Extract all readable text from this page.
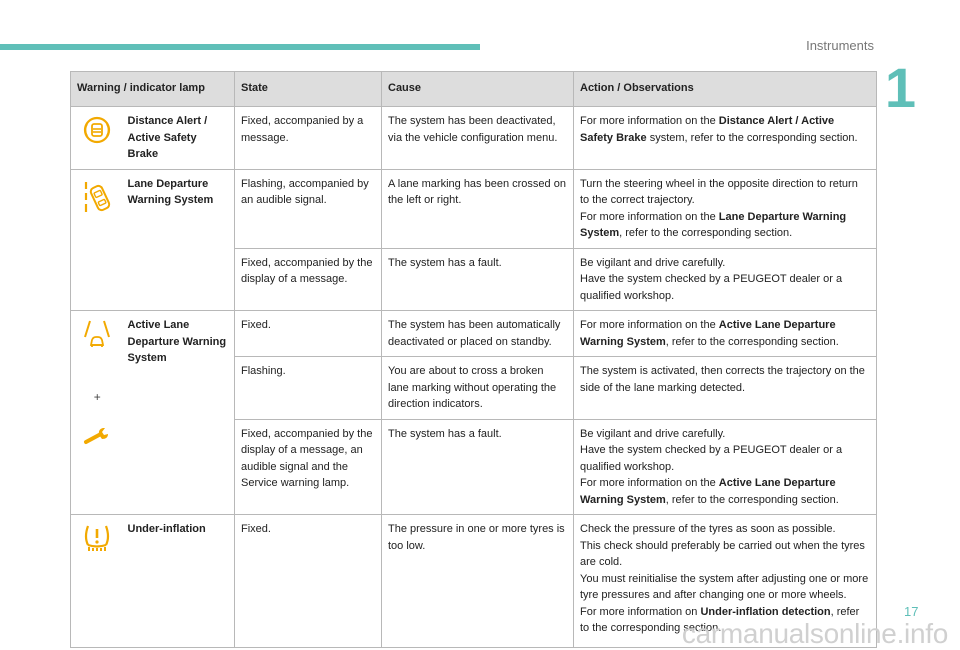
Instruments
1
Warning / indicator lamp		State	Cause	Action / Observations

	Distance Alert / Active Safety Brake	Fixed, accompanied by a message.	The system has been deactivated, via the vehicle configuration menu.	For more information on the Distance Alert / Active Safety Brake system, refer to the corresponding section.

	Lane Departure Warning System	Flashing, accompanied by an audible signal.	A lane marking has been crossed on the left or right.	Turn the steering wheel in the opposite direction to return to the correct trajectory.
For more information on the Lane Departure Warning System, refer to the corresponding section.
		Fixed, accompanied by the display of a message.	The system has a fault.	Be vigilant and drive carefully.
Have the system checked by a PEUGEOT dealer or a qualified workshop.

+	Active Lane Departure Warning System	Fixed.	The system has been automatically deactivated or placed on standby.	For more information on the Active Lane Departure Warning System, refer to the corresponding section.
		Flashing.	You are about to cross a broken lane marking without operating the direction indicators.	The system is activated, then corrects the trajectory on the side of the lane marking detected.
		Fixed, accompanied by the display of a message, an audible signal and the Service warning lamp.	The system has a fault.	Be vigilant and drive carefully.
Have the system checked by a PEUGEOT dealer or a qualified workshop.
For more information on the Active Lane Departure Warning System, refer to the corresponding section.

	Under-inflation	Fixed.	The pressure in one or more tyres is too low.	Check the pressure of the tyres as soon as possible.
This check should preferably be carried out when the tyres are cold.
You must reinitialise the system after adjusting one or more tyre pressures and after changing one or more wheels.
For more information on Under-inflation detection, refer to the corresponding section.
17
carmanualsonline.info
